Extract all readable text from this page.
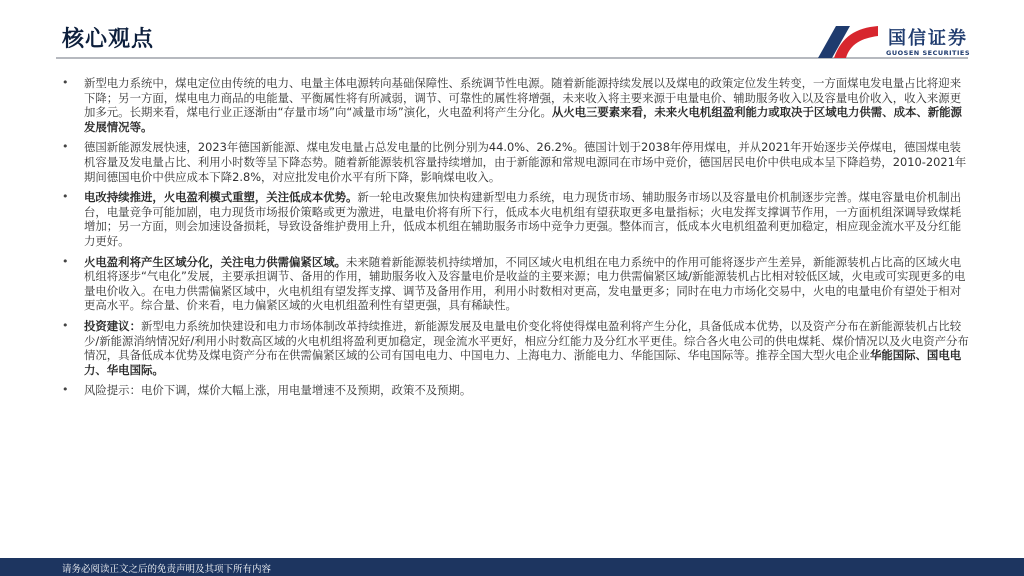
核心观点	国信证券
GUOSEN SECURITIES
• 新型电力系统中，煤电定位由传统的电力、电量主体电源转向基础保障性、系统调节性电源。随着新能源持续发展以及煤电的政策定位发生转变，一方面煤电发电量占比将迎来下降；另一方面，煤电电力商品的电能量、平衡属性将有所减弱，调节、可靠性的属性将增强，未来收入将主要来源于电量电价、辅助服务收入以及容量电价收入，收入来源更加多元。长期来看，煤电行业正逐渐由“存量市场”向“减量市场”演化，火电盈利将产生分化。从火电三要素来看，未来火电机组盈利能力或取决于区域电力供需、成本、新能源发展情况等。
• 德国新能源发展快速，2023年德国新能源、煤电发电量占总发电量的比例分别为44.0%、26.2%。德国计划于2038年停用煤电，并从2021年开始逐步关停煤电，德国煤电装机容量及发电量占比、利用小时数等呈下降态势。随着新能源装机容量持续增加，由于新能源和常规电源同在市场中竞价，德国居民电价中供电成本呈下降趋势，2010-2021年期间德国电价中供应成本下降2.8%，对应批发电价水平有所下降，影响煤电收入。
• 电改持续推进，火电盈利模式重塑，关注低成本优势。新一轮电改聚焦加快构建新型电力系统，电力现货市场、辅助服务市场以及容量电价机制逐步完善。煤电容量电价机制出台，电量竞争可能加剧，电力现货市场报价策略或更为激进，电量电价将有所下行，低成本火电机组有望获取更多电量指标；火电发挥支撑调节作用，一方面机组深调导致煤耗增加；另一方面，则会加速设备损耗，导致设备维护费用上升，低成本机组在辅助服务市场中竞争力更强。整体而言，低成本火电机组盈利更加稳定，相应现金流水平及分红能力更好。
• 火电盈利将产生区域分化，关注电力供需偏紧区域。未来随着新能源装机持续增加，不同区域火电机组在电力系统中的作用可能将逐步产生差异，新能源装机占比高的区域火电机组将逐步“气电化”发展，主要承担调节、备用的作用，辅助服务收入及容量电价是收益的主要来源；电力供需偏紧区域/新能源装机占比相对较低区域，火电或可实现更多的电量电价收入。在电力供需偏紧区域中，火电机组有望发挥支撑、调节及备用作用，利用小时数相对更高，发电量更多；同时在电力市场化交易中，火电的电量电价有望处于相对更高水平。综合量、价来看，电力偏紧区域的火电机组盈利性有望更强，具有稀缺性。
• 投资建议：新型电力系统加快建设和电力市场体制改革持续推进，新能源发展及电量电价变化将使得煤电盈利将产生分化，具备低成本优势，以及资产分布在新能源装机占比较少/新能源消纳情况好/利用小时数高区域的火电机组将盈利更加稳定，现金流水平更好，相应分红能力及分红水平更佳。综合各火电公司的供电煤耗、煤价情况以及火电资产分布情况，具备低成本优势及煤电资产分布在供需偏紧区域的公司有国电电力、中国电力、上海电力、浙能电力、华能国际、华电国际等。推荐全国大型火电企业华能国际、国电电力、华电国际。
• 风险提示：电价下调，煤价大幅上涨，用电量增速不及预期，政策不及预期。
请务必阅读正文之后的免责声明及其项下所有内容
